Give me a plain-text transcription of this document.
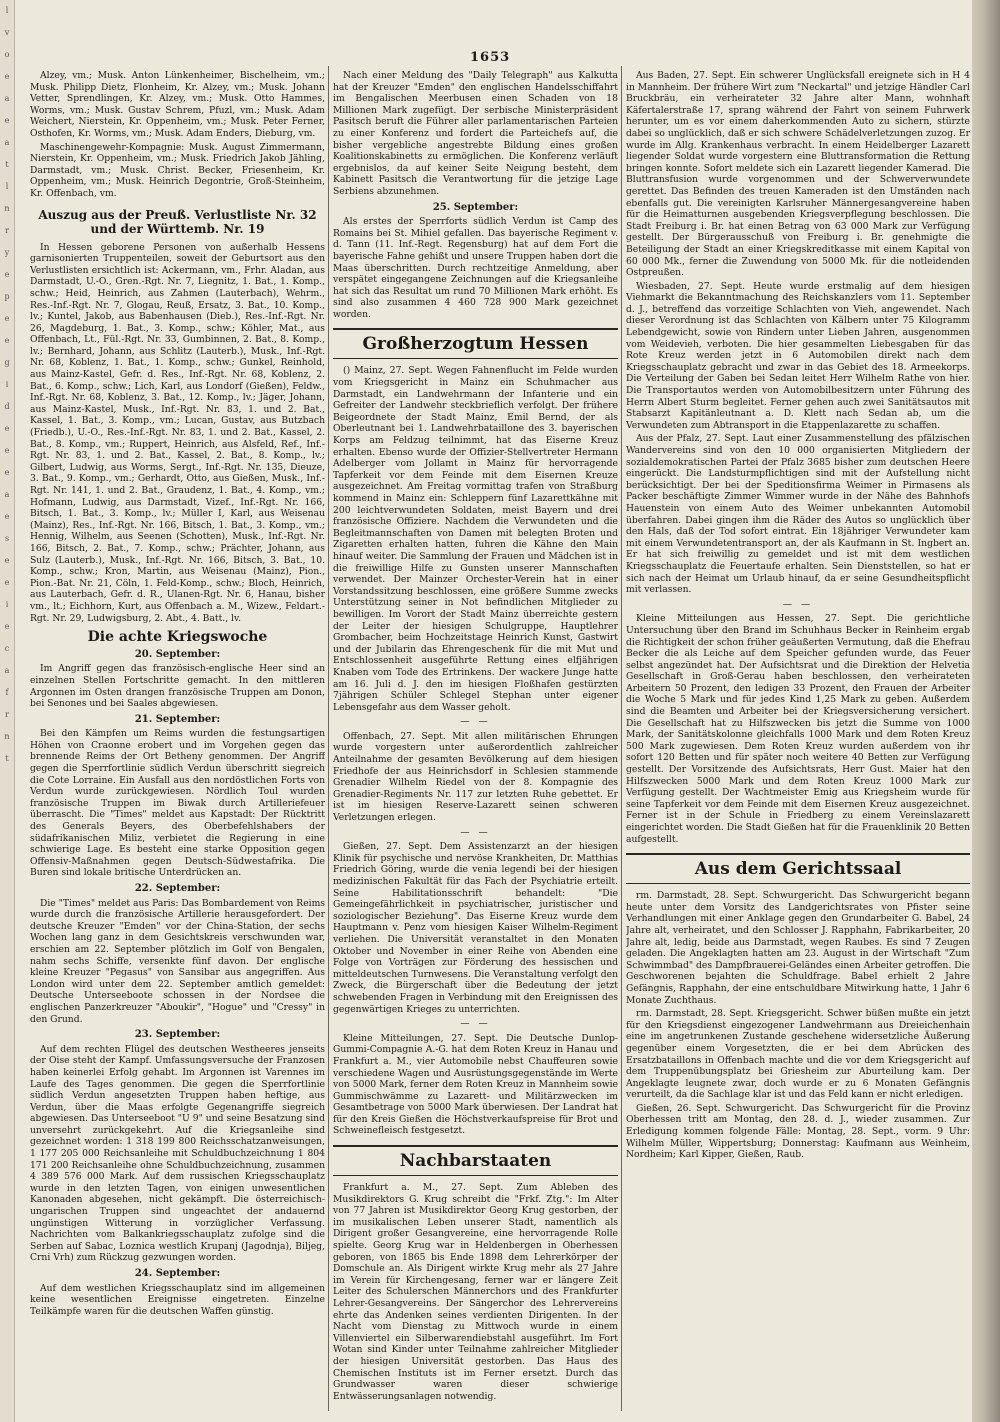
l
v
o
e
a
e
a
t
l
n
r
y
e
p
e
e
g
i
d
e
e
e
a
e
s
e
e
i
e
c
a
f
r
n
t
1653

Alzey, vm.; Musk. Anton Lünkenheimer, Bischelheim, vm.; Musk. Philipp Dietz, Flonheim, Kr. Alzey, vm.; Musk. Johann Vetter, Sprendlingen, Kr. Alzey, vm.; Musk. Otto Hammes, Worms, vm.; Musk. Gustav Schrem, Pfuzl, vm.; Musk. Adam Weichert, Nierstein, Kr. Oppenheim, vm.; Musk. Peter Ferner, Osthofen, Kr. Worms, vm.; Musk. Adam Enders, Dieburg, vm.

Maschinengewehr-Kompagnie: Musk. August Zimmermann, Nierstein, Kr. Oppenheim, vm.; Musk. Friedrich Jakob Jähling, Darmstadt, vm.; Musk. Christ. Becker, Friesenheim, Kr. Oppenheim, vm.; Musk. Heinrich Degontrie, Groß-Steinheim, Kr. Offenbach, vm.

Auszug aus der Preuß. Verlustliste Nr. 32 und der Württemb. Nr. 19

In Hessen geborene Personen von außerhalb Hessens garnisonierten Truppenteilen, soweit der Geburtsort aus den Verlustlisten ersichtlich ist: Ackermann, vm., Frhr. Aladan, aus Darmstadt, U.-O., Gren.-Rgt. Nr. 7, Liegnitz, 1. Bat., 1. Komp., schw.; Heid, Heinrich, aus Zahmen (Lauterbach), Wehrm., Res.-Inf.-Rgt. Nr. 7, Glogau, Reuß, Ersatz, 3. Bat., 10. Komp., lv.; Kuntel, Jakob, aus Babenhausen (Dieb.), Res.-Inf.-Rgt. Nr. 26, Magdeburg, 1. Bat., 3. Komp., schw.; Köhler, Mat., aus Offenbach, Lt., Fül.-Rgt. Nr. 33, Gumbinnen, 2. Bat., 8. Komp., lv.; Bernhard, Johann, aus Schlitz (Lauterb.), Musk., Inf.-Rgt. Nr. 68, Koblenz, 1. Bat., 1. Komp., schw.; Gunkel, Reinhold, aus Mainz-Kastel, Gefr. d. Res., Inf.-Rgt. Nr. 68, Koblenz, 2. Bat., 6. Komp., schw.; Lich, Karl, aus Londorf (Gießen), Feldw., Inf.-Rgt. Nr. 68, Koblenz, 3. Bat., 12. Komp., lv.; Jäger, Johann, aus Mainz-Kastel, Musk., Inf.-Rgt. Nr. 83, 1. und 2. Bat., Kassel, 1. Bat., 3. Komp., vm.; Lucan, Gustav, aus Butzbach (Friedb.), U.-O., Res.-Inf.-Rgt. Nr. 83, 1. und 2. Bat., Kassel, 2. Bat., 8. Komp., vm.; Ruppert, Heinrich, aus Alsfeld, Ref., Inf.-Rgt. Nr. 83, 1. und 2. Bat., Kassel, 2. Bat., 8. Komp., lv.; Gilbert, Ludwig, aus Worms, Sergt., Inf.-Rgt. Nr. 135, Dieuze, 3. Bat., 9. Komp., vm.; Gerhardt, Otto, aus Gießen, Musk., Inf.-Rgt. Nr. 141, 1. und 2. Bat., Graudenz, 1. Bat., 4. Komp., vm.; Hofmann, Ludwig, aus Darmstadt, Vizef., Inf.-Rgt. Nr. 166, Bitsch, 1. Bat., 3. Komp., lv.; Müller I, Karl, aus Weisenau (Mainz), Res., Inf.-Rgt. Nr. 166, Bitsch, 1. Bat., 3. Komp., vm.; Hennig, Wilhelm, aus Seenen (Schotten), Musk., Inf.-Rgt. Nr. 166, Bitsch, 2. Bat., 7. Komp., schw.; Prächter, Johann, aus Sulz (Lauterb.), Musk., Inf.-Rgt. Nr. 166, Bitsch, 3. Bat., 10. Komp., schw.; Kron, Martin, aus Weisenau (Mainz), Pion., Pion.-Bat. Nr. 21, Cöln, 1. Feld-Komp., schw.; Bloch, Heinrich, aus Lauterbach, Gefr. d. R., Ulanen-Rgt. Nr. 6, Hanau, bisher vm., lt.; Eichhorn, Kurt, aus Offenbach a. M., Wizew., Feldart.-Rgt. Nr. 29, Ludwigsburg, 2. Abt., 4. Batt., lv.

Die achte Kriegswoche
20. September:

Im Angriff gegen das französisch-englische Heer sind an einzelnen Stellen Fortschritte gemacht. In den mittleren Argonnen im Osten drangen französische Truppen am Donon, bei Senones und bei Saales abgewiesen.

21. September:

Bei den Kämpfen um Reims wurden die festungsartigen Höhen von Craonne erobert und im Vorgehen gegen das brennende Reims der Ort Betheny genommen. Der Angriff gegen die Sperrfortlinie südlich Verdun überschritt siegreich die Cote Lorraine. Ein Ausfall aus den nordöstlichen Forts von Verdun wurde zurückgewiesen. Nördlich Toul wurden französische Truppen im Biwak durch Artilleriefeuer überrascht. Die "Times" meldet aus Kapstadt: Der Rücktritt des Generals Beyers, des Oberbefehlshabers der südafrikanischen Miliz, verbietet die Regierung in eine schwierige Lage. Es besteht eine starke Opposition gegen Offensiv-Maßnahmen gegen Deutsch-Südwestafrika. Die Buren sind lokale britische Unterdrücken an.

22. September:

Die "Times" meldet aus Paris: Das Bombardement von Reims wurde durch die französische Artillerie herausgefordert. Der deutsche Kreuzer "Emden" vor der China-Station, der sechs Wochen lang ganz in dem Gesichtskreis verschwunden war, erschien am 22. September plötzlich im Golf von Bengalen, nahm sechs Schiffe, versenkte fünf davon. Der englische kleine Kreuzer "Pegasus" von Sansibar aus angegriffen. Aus London wird unter dem 22. September amtlich gemeldet: Deutsche Unterseeboote schossen in der Nordsee die englischen Panzerkreuzer "Aboukir", "Hogue" und "Cressy" in den Grund.

23. September:

Auf dem rechten Flügel des deutschen Westheeres jenseits der Oise steht der Kampf. Umfassungsversuche der Franzosen haben keinerlei Erfolg gehabt. Im Argonnen ist Varennes im Laufe des Tages genommen. Die gegen die Sperrfortlinie südlich Verdun angesetzten Truppen haben heftige, aus Verdun, über die Maas erfolgte Gegenangriffe siegreich abgewiesen. Das Unterseeboot "U 9" und seine Besatzung sind unversehrt zurückgekehrt. Auf die Kriegsanleihe sind gezeichnet worden: 1 318 199 800 Reichsschatzanweisungen, 1 177 205 000 Reichsanleihe mit Schuldbuchzeichnung 1 804 171 200 Reichsanleihe ohne Schuldbuchzeichnung, zusammen 4 389 576 000 Mark. Auf dem russischen Kriegsschauplatz wurde in den letzten Tagen, von einigen unwesentlichen Kanonaden abgesehen, nicht gekämpft. Die österreichisch-ungarischen Truppen sind ungeachtet der andauernd ungünstigen Witterung in vorzüglicher Verfassung. Nachrichten vom Balkankriegsschauplatz zufolge sind die Serben auf Sabac, Loznica westlich Krupanj (Jagodnja), Biljeg, Crni Vrh) zum Rückzug gezwungen worden.

24. September:

Auf dem westlichen Kriegsschauplatz sind im allgemeinen keine wesentlichen Ereignisse eingetreten. Einzelne Teilkämpfe waren für die deutschen Waffen günstig.

Nach einer Meldung des "Daily Telegraph" aus Kalkutta hat der Kreuzer "Emden" den englischen Handelsschiffahrt im Bengalischen Meerbusen einen Schaden von 18 Millionen Mark zugefügt. Der serbische Ministerpräsident Pasitsch beruft die Führer aller parlamentarischen Parteien zu einer Konferenz und fordert die Parteichefs auf, die bisher vergebliche angestrebte Bildung eines großen Koalitionskabinetts zu ermöglichen. Die Konferenz verläuft ergebnislos, da auf keiner Seite Neigung besteht, dem Kabinett Pasitsch die Verantwortung für die jetzige Lage Serbiens abzunehmen.

25. September:

Als erstes der Sperrforts südlich Verdun ist Camp des Romains bei St. Mihiel gefallen. Das bayerische Regiment v. d. Tann (11. Inf.-Regt. Regensburg) hat auf dem Fort die bayerische Fahne gehißt und unsere Truppen haben dort die Maas überschritten. Durch rechtzeitige Anmeldung, aber verspätet eingegangene Zeichnungen auf die Kriegsanleihe hat sich das Resultat um rund 70 Millionen Mark erhöht. Es sind also zusammen 4 460 728 900 Mark gezeichnet worden.

Großherzogtum Hessen

() Mainz, 27. Sept. Wegen Fahnenflucht im Felde wurden vom Kriegsgericht in Mainz ein Schuhmacher aus Darmstadt, ein Landwehrmann der Infanterie und ein Gefreiter der Landwehr steckbrieflich verfolgt. Der frühere Beigeordnete der Stadt Mainz, Emil Bernd, der als Oberleutnant bei 1. Landwehrbataillone des 3. bayerischen Korps am Feldzug teilnimmt, hat das Eiserne Kreuz erhalten. Ebenso wurde der Offizier-Stellvertreter Hermann Adelberger vom Jollamt in Mainz für hervorragende Tapferkeit vor dem Feinde mit dem Eisernen Kreuze ausgezeichnet. Am Freitag vormittag trafen von Straßburg kommend in Mainz ein: Schleppern fünf Lazarettkähne mit 200 leichtverwundeten Soldaten, meist Bayern und drei französische Offiziere. Nachdem die Verwundeten und die Begleitmannschaften von Damen mit belegten Broten und Zigaretten erhalten hatten, fuhren die Kähne den Main hinauf weiter. Die Sammlung der Frauen und Mädchen ist in die freiwillige Hilfe zu Gunsten unserer Mannschaften verwendet. Der Mainzer Orchester-Verein hat in einer Vorstandssitzung beschlossen, eine größere Summe zwecks Unterstützung seiner in Not befindlichen Mitglieder zu bewilligen. Im Vorort der Stadt Mainz überreichte gestern der Leiter der hiesigen Schulgruppe, Hauptlehrer Grombacher, beim Hochzeitstage Heinrich Kunst, Gastwirt und der Jubilarin das Ehrengeschenk für die mit Mut und Entschlossenheit ausgeführte Rettung eines elfjährigen Knaben vom Tode des Ertrinkens. Der wackere Junge hatte am 16. Juli d. J. den im hiesigen Floßhafen gestürzten 7jährigen Schüler Schlegel Stephan unter eigener Lebensgefahr aus dem Wasser geholt.

— —

Offenbach, 27. Sept. Mit allen militärischen Ehrungen wurde vorgestern unter außerordentlich zahlreicher Anteilnahme der gesamten Bevölkerung auf dem hiesigen Friedhofe der aus Heinrichsdorf in Schlesien stammende Grenadier Wilhelm Riedel von der 8. Kompagnie des Grenadier-Regiments Nr. 117 zur letzten Ruhe gebettet. Er ist im hiesigen Reserve-Lazarett seinen schweren Verletzungen erlegen.

— —

Gießen, 27. Sept. Dem Assistenzarzt an der hiesigen Klinik für psychische und nervöse Krankheiten, Dr. Matthias Friedrich Göring, wurde die venia legendi bei der hiesigen medizinischen Fakultät für das Fach der Psychiatrie erteilt. Seine Habilitationsschrift behandelt: "Die Gemeingefährlichkeit in psychiatrischer, juristischer und soziologischer Beziehung". Das Eiserne Kreuz wurde dem Hauptmann v. Penz vom hiesigen Kaiser Wilhelm-Regiment verliehen. Die Universität veranstaltet in den Monaten Oktober und November in einer Reihe von Abenden eine Folge von Vorträgen zur Förderung des hessischen und mitteldeutschen Turnwesens. Die Veranstaltung verfolgt den Zweck, die Bürgerschaft über die Bedeutung der jetzt schwebenden Fragen in Verbindung mit den Ereignissen des gegenwärtigen Krieges zu unterrichten.

— —

Kleine Mitteilungen, 27. Sept. Die Deutsche Dunlop-Gummi-Compagnie A.-G. hat dem Roten Kreuz in Hanau und Frankfurt a. M., vier Automobile nebst Chauffeuren sowie verschiedene Wagen und Ausrüstungsgegenstände im Werte von 5000 Mark, ferner dem Roten Kreuz in Mannheim sowie Gummischwämme zu Lazarett- und Militärzwecken im Gesamtbetrage von 5000 Mark überwiesen. Der Landrat hat für den Kreis Gießen die Höchstverkaufspreise für Brot und Schweinefleisch festgesetzt.

Nachbarstaaten

Frankfurt a. M., 27. Sept. Zum Ableben des Musikdirektors G. Krug schreibt die "Frkf. Ztg.": Im Alter von 77 Jahren ist Musikdirektor Georg Krug gestorben, der im musikalischen Leben unserer Stadt, namentlich als Dirigent großer Gesangvereine, eine hervorragende Rolle spielte. Georg Krug war in Heldenbergen in Oberhessen geboren, von 1865 bis Ende 1898 dem Lehrerkörper der Domschule an. Als Dirigent wirkte Krug mehr als 27 Jahre im Verein für Kirchengesang, ferner war er längere Zeit Leiter des Schulerschen Männerchors und des Frankfurter Lehrer-Gesangvereins. Der Sängerchor des Lehrervereins ehrte das Andenken seines verdienten Dirigenten. In der Nacht vom Dienstag zu Mittwoch wurde in einem Villenviertel ein Silberwarendiebstahl ausgeführt. Im Fort Wotan sind Kinder unter Teilnahme zahlreicher Mitglieder der hiesigen Universität gestorben. Das Haus des Chemischen Instituts ist im Ferner ersetzt. Durch das Grundwasser waren dieser schwierige Entwässerungsanlagen notwendig.

Aus Baden, 27. Sept. Ein schwerer Unglücksfall ereignete sich in H 4 in Mannheim. Der frühere Wirt zum "Neckartal" und jetzige Händler Carl Bruckbräu, ein verheirateter 32 Jahre alter Mann, wohnhaft Käfertalerstraße 17, sprang während der Fahrt von seinem Fuhrwerk herunter, um es vor einem daherkommenden Auto zu sichern, stürzte dabei so unglücklich, daß er sich schwere Schädelverletzungen zuzog. Er wurde im Allg. Krankenhaus verbracht. In einem Heidelberger Lazarett liegender Soldat wurde vorgestern eine Bluttransformation die Rettung bringen konnte. Sofort meldete sich ein Lazarett liegender Kamerad. Die Bluttransfusion wurde vorgenommen und der Schwerverwundete gerettet. Das Befinden des treuen Kameraden ist den Umständen nach ebenfalls gut. Die vereinigten Karlsruher Männergesangvereine haben für die Heimatturnen ausgebenden Kriegsverpflegung beschlossen. Die Stadt Freiburg i. Br. hat einen Betrag von 63 000 Mark zur Verfügung gestellt. Der Bürgerausschuß von Freiburg i. Br. genehmigte die Beteiligung der Stadt an einer Kriegskreditkasse mit einem Kapital von 60 000 Mk., ferner die Zuwendung von 5000 Mk. für die notleidenden Ostpreußen.

Wiesbaden, 27. Sept. Heute wurde erstmalig auf dem hiesigen Viehmarkt die Bekanntmachung des Reichskanzlers vom 11. September d. J., betreffend das vorzeitige Schlachten von Vieh, angewendet. Nach dieser Verordnung ist das Schlachten von Kälbern unter 75 Kilogramm Lebendgewicht, sowie von Rindern unter Lieben Jahren, ausgenommen vom Weidevieh, verboten. Die hier gesammelten Liebesgaben für das Rote Kreuz werden jetzt in 6 Automobilen direkt nach dem Kriegsschauplatz gebracht und zwar in das Gebiet des 18. Armeekorps. Die Verteilung der Gaben bei Sedan leitet Herr Wilhelm Rathe von hier. Die Transportautos werden von Automobilbesitzern unter Führung des Herrn Albert Sturm begleitet. Ferner gehen auch zwei Sanitätsautos mit Stabsarzt Kapitänleutnant a. D. Klett nach Sedan ab, um die Verwundeten zum Abtransport in die Etappenlazarette zu schaffen.

Aus der Pfalz, 27. Sept. Laut einer Zusammenstellung des pfälzischen Wandervereins sind von den 10 000 organisierten Mitgliedern der sozialdemokratischen Partei der Pfalz 3685 bisher zum deutschen Heere eingerückt. Die Landsturmpflichtigen sind mit der Aufstellung nicht berücksichtigt. Der bei der Speditionsfirma Weimer in Pirmasens als Packer beschäftigte Zimmer Wimmer wurde in der Nähe des Bahnhofs Hauenstein von einem Auto des Weimer unbekannten Automobil überfahren. Dabei gingen ihm die Räder des Autos so unglücklich über den Hals, daß der Tod sofort eintrat. Ein 18jähriger Verwundeter kam mit einem Verwundetentransport an, der als Kaufmann in St. Ingbert an. Er hat sich freiwillig zu gemeldet und ist mit dem westlichen Kriegsschauplatz die Feuertaufe erhalten. Sein Dienststellen, so hat er sich nach der Heimat um Urlaub hinauf, da er seine Gesundheitspflicht mit verlassen.

— —

Kleine Mitteilungen aus Hessen, 27. Sept. Die gerichtliche Untersuchung über den Brand im Schuhhaus Becker in Reinheim ergab die Richtigkeit der schon früher geäußerten Vermutung, daß die Ehefrau Becker die als Leiche auf dem Speicher gefunden wurde, das Feuer selbst angezündet hat. Der Aufsichtsrat und die Direktion der Helvetia Gesellschaft in Groß-Gerau haben beschlossen, den verheirateten Arbeitern 50 Prozent, den ledigen 33 Prozent, den Frauen der Arbeiter die Woche 5 Mark und für jedes Kind 1,25 Mark zu geben. Außerdem sind die Beamten und Arbeiter bei der Kriegsversicherung versichert. Die Gesellschaft hat zu Hilfszwecken bis jetzt die Summe von 1000 Mark, der Sanitätskolonne gleichfalls 1000 Mark und dem Roten Kreuz 500 Mark zugewiesen. Dem Roten Kreuz wurden außerdem von ihr sofort 120 Betten und für später noch weitere 40 Betten zur Verfügung gestellt. Der Vorsitzende des Aufsichtsrats, Herr Gust. Maier hat den Hilfszwecken 5000 Mark und dem Roten Kreuz 1000 Mark zur Verfügung gestellt. Der Wachtmeister Emig aus Kriegsheim wurde für seine Tapferkeit vor dem Feinde mit dem Eisernen Kreuz ausgezeichnet. Ferner ist in der Schule in Friedberg zu einem Vereinslazarett eingerichtet worden. Die Stadt Gießen hat für die Frauenklinik 20 Betten aufgestellt.

Aus dem Gerichtssaal

rm. Darmstadt, 28. Sept. Schwurgericht. Das Schwurgericht begann heute unter dem Vorsitz des Landgerichtsrates von Pfister seine Verhandlungen mit einer Anklage gegen den Grundarbeiter G. Babel, 24 Jahre alt, verheiratet, und den Schlosser J. Rapphahn, Fabrikarbeiter, 20 Jahre alt, ledig, beide aus Darmstadt, wegen Raubes. Es sind 7 Zeugen geladen. Die Angeklagten hatten am 23. August in der Wirtschaft "Zum Schwimmbad" des Dampfbrauerei-Geländes einen Arbeiter getroffen. Die Geschworenen bejahten die Schuldfrage. Babel erhielt 2 Jahre Gefängnis, Rapphahn, der eine entschuldbare Mitwirkung hatte, 1 Jahr 6 Monate Zuchthaus.

rm. Darmstadt, 28. Sept. Kriegsgericht. Schwer büßen mußte ein jetzt für den Kriegsdienst eingezogener Landwehrmann aus Dreieichenhain eine im angetrunkenen Zustande geschehene widersetzliche Äußerung gegenüber einem Vorgesetzten, die er bei dem Abrücken des Ersatzbataillons in Offenbach machte und die vor dem Kriegsgericht auf dem Truppenübungsplatz bei Griesheim zur Aburteilung kam. Der Angeklagte leugnete zwar, doch wurde er zu 6 Monaten Gefängnis verurteilt, da die Sachlage klar ist und das Feld kann er nicht erledigen.

Gießen, 26. Sept. Schwurgericht. Das Schwurgericht für die Provinz Oberhessen tritt am Montag, den 28. d. J., wieder zusammen. Zur Erledigung kommen folgende Fälle: Montag, 28. Sept., vorm. 9 Uhr: Wilhelm Müller, Wippertsburg; Donnerstag: Kaufmann aus Weinheim, Nordheim; Karl Kipper, Gießen, Raub.
